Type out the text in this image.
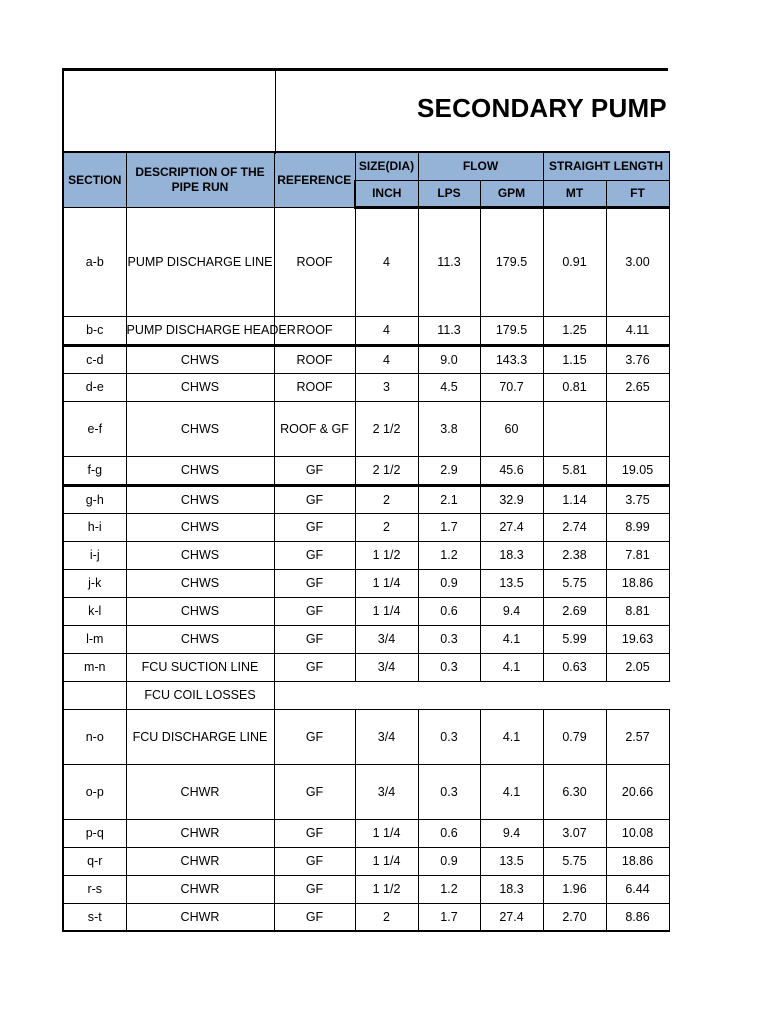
SECONDARY PUMP
SECTION	DESCRIPTION OF THE PIPE RUN	REFERENCE	SIZE(DIA)	FLOW		STRAIGHT LENGTH	
			INCH	LPS	GPM	MT	FT
a-b	PUMP DISCHARGE LINE	ROOF	4	11.3	179.5	0.91	3.00
b-c	PUMP DISCHARGE HEADER	ROOF	4	11.3	179.5	1.25	4.11
c-d	CHWS	ROOF	4	9.0	143.3	1.15	3.76
d-e	CHWS	ROOF	3	4.5	70.7	0.81	2.65
e-f	CHWS	ROOF & GF	2 1/2	3.8	60		
f-g	CHWS	GF	2 1/2	2.9	45.6	5.81	19.05
g-h	CHWS	GF	2	2.1	32.9	1.14	3.75
h-i	CHWS	GF	2	1.7	27.4	2.74	8.99
i-j	CHWS	GF	1 1/2	1.2	18.3	2.38	7.81
j-k	CHWS	GF	1 1/4	0.9	13.5	5.75	18.86
k-l	CHWS	GF	1 1/4	0.6	9.4	2.69	8.81
l-m	CHWS	GF	3/4	0.3	4.1	5.99	19.63
m-n	FCU SUCTION LINE	GF	3/4	0.3	4.1	0.63	2.05
	FCU COIL LOSSES						
n-o	FCU DISCHARGE LINE	GF	3/4	0.3	4.1	0.79	2.57
o-p	CHWR	GF	3/4	0.3	4.1	6.30	20.66
p-q	CHWR	GF	1 1/4	0.6	9.4	3.07	10.08
q-r	CHWR	GF	1 1/4	0.9	13.5	5.75	18.86
r-s	CHWR	GF	1 1/2	1.2	18.3	1.96	6.44
s-t	CHWR	GF	2	1.7	27.4	2.70	8.86
